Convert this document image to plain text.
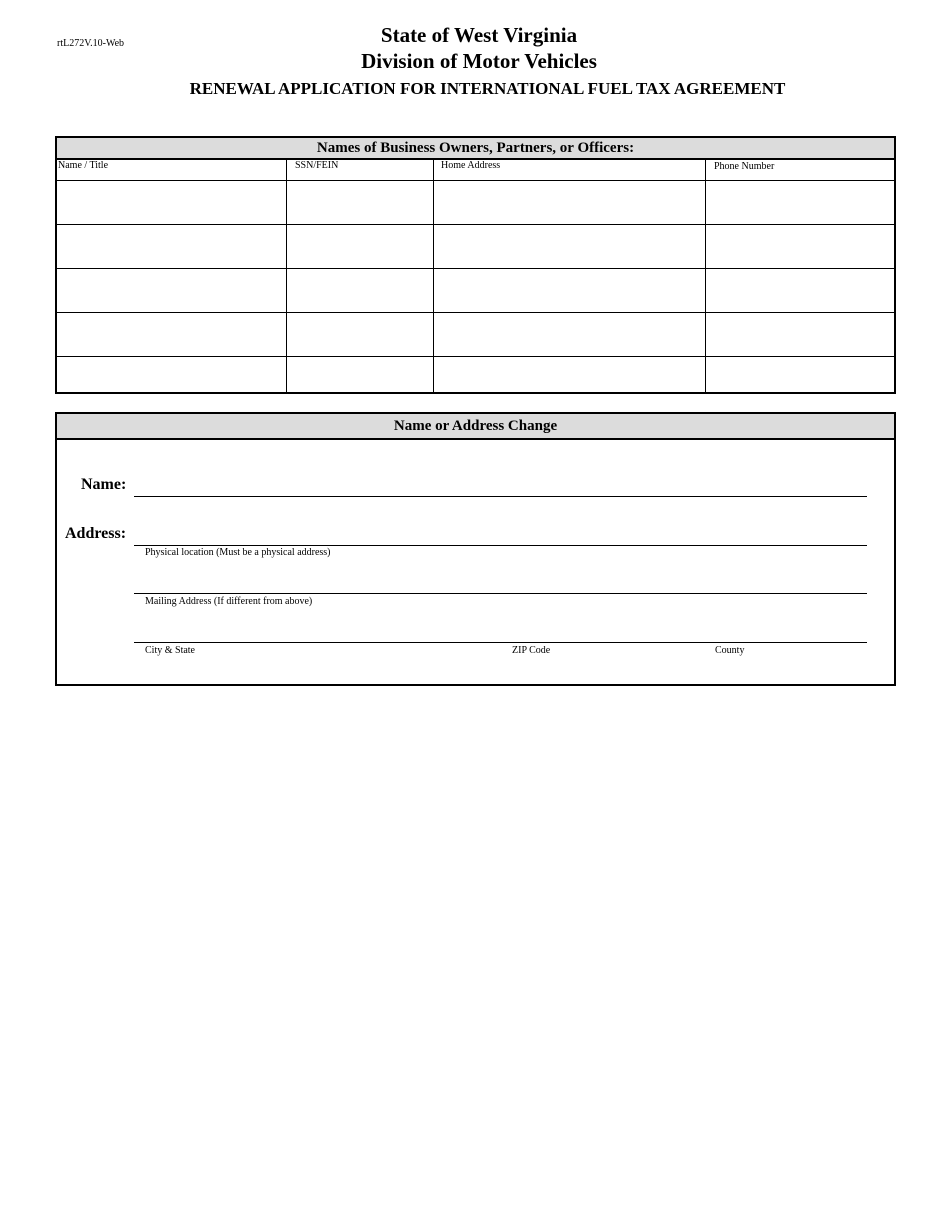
rtL272V.10-Web	State of West Virginia
Division of Motor Vehicles
RENEWAL APPLICATION FOR INTERNATIONAL FUEL TAX AGREEMENT
Names of Business Owners, Partners, or Officers:
Name / Title	SSN/FEIN	Home Address	Phone Number
Name or Address Change
Name:
Address:
Physical location (Must be a physical address)
Mailing Address (If different from above)
City & State	ZIP Code	County
